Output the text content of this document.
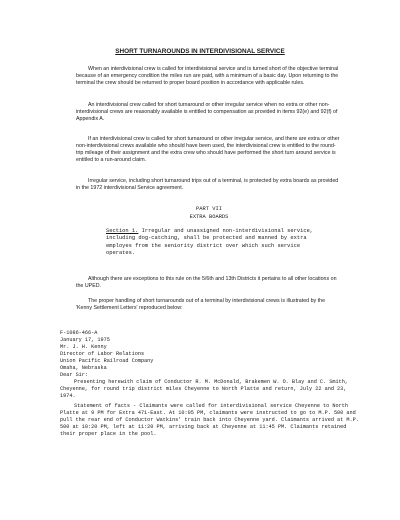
SHORT TURNAROUNDS IN INTERDIVISIONAL SERVICE

When an interdivisional crew is called for interdivisional service and is turned short of the objective terminal because of an emergency condition the miles run are paid, with a minimum of a basic day. Upon returning to the terminal the crew should be returned to proper board position in accordance with applicable rules.

An interdivisional crew called for short turnaround or other irregular service when no extra or other non-interdivisional crews are reasonably available is entitled to compensation as provided in items 92(e) and 92(f) of Appendix A.

If an interdivisional crew is called for short turnaround or other irregular service, and there are extra or other non-interdivisional crews available who should have been used, the interdivisional crew is entitled to the round-trip mileage of their assignment and the extra crew who should have performed the short turn around service is entitled to a run-around claim.

Irregular service, including short turnaround trips out of a terminal, is protected by extra boards as provided in the 1972 interdivisional Service agreement.

PART VII
EXTRA BOARDS
Section 1. Irregular and unassigned non-interdivisional service, including dog-catching, shall be protected and manned by extra employes from the seniority district over which such service operates.

Although there are exceptions to this rule on the 5/6th and 13th Districts it pertains to all other locations on the UPED.

The proper handling of short turnarounds out of a terminal by interdivisional crews is illustrated by the 'Kenny Settlement Letters' reproduced below:

F-1086-466-A
January 17, 1975
Mr. J. H. Kenny
Director of Labor Relations
Union Pacific Railroad Company
Omaha, Nebraska
Dear Sir:
Presenting herewith claim of Conductor R. M. McDonald, Brakemen W. O. Blay and C. Smith, Cheyenne, for round trip district miles Cheyenne to North Platte and return, July 22 and 23, 1974.
Statement of facts - Claimants were called for interdivisional service Cheyenne to North Platte at 9 PM for Extra 471-East. At 10:05 PM, claimants were instructed to go to M.P. 500 and pull the rear end of Conductor Watkins' train back into Cheyenne yard. Claimants arrived at M.P. 500 at 10:20 PM, left at 11:20 PM, arriving back at Cheyenne at 11:45 PM. Claimants retained their proper place in the pool.
